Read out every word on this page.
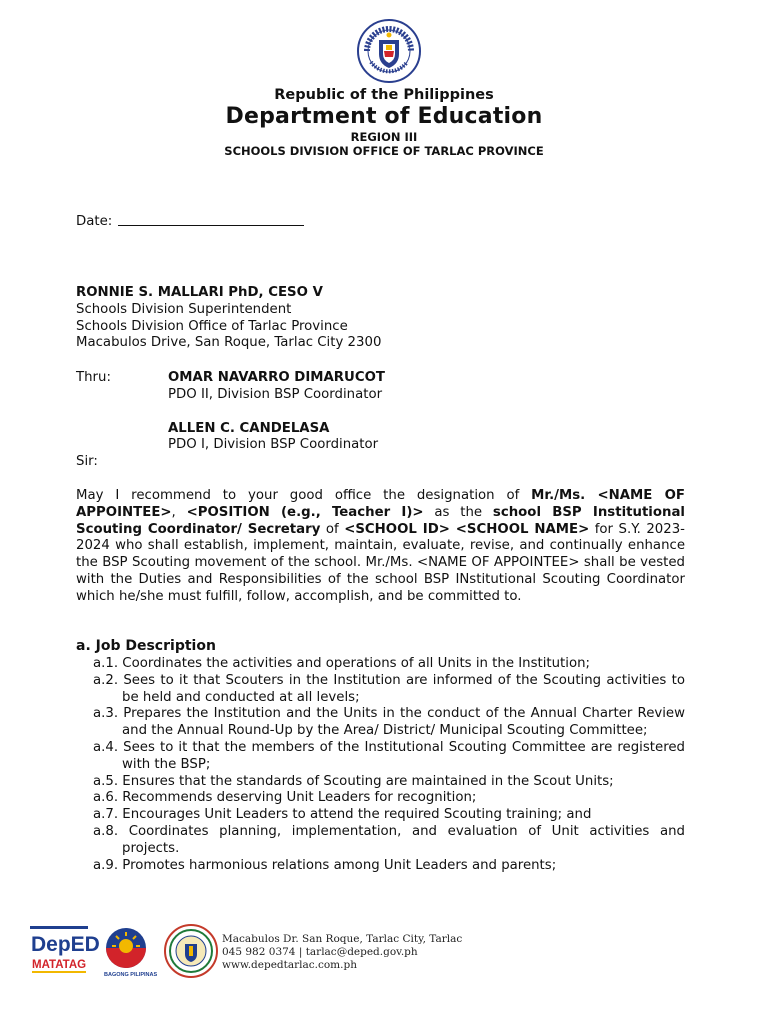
Republic of the Philippines
Department of Education
REGION III
SCHOOLS DIVISION OFFICE OF TARLAC PROVINCE
Date:
RONNIE S. MALLARI PhD, CESO V
Schools Division Superintendent
Schools Division Office of Tarlac Province
Macabulos Drive, San Roque, Tarlac City 2300
Thru:	OMAR NAVARRO DIMARUCOT
PDO II, Division BSP Coordinator
ALLEN C. CANDELASA
PDO I, Division BSP Coordinator
Sir:
May I recommend to your good office the designation of Mr./Ms. <NAME OF APPOINTEE>, <POSITION (e.g., Teacher I)> as the school BSP Institutional Scouting Coordinator/ Secretary of <SCHOOL ID> <SCHOOL NAME> for S.Y. 2023-2024 who shall establish, implement, maintain, evaluate, revise, and continually enhance the BSP Scouting movement of the school. Mr./Ms. <NAME OF APPOINTEE> shall be vested with the Duties and Responsibilities of the school BSP INstitutional Scouting Coordinator which he/she must fulfill, follow, accomplish, and be committed to.
a. Job Description
a.1. Coordinates the activities and operations of all Units in the Institution;
a.2. Sees to it that Scouters in the Institution are informed of the Scouting activities to be held and conducted at all levels;
a.3. Prepares the Institution and the Units in the conduct of the Annual Charter Review and the Annual Round-Up by the Area/ District/ Municipal Scouting Committee;
a.4. Sees to it that the members of the Institutional Scouting Committee are registered with the BSP;
a.5. Ensures that the standards of Scouting are maintained in the Scout Units;
a.6. Recommends deserving Unit Leaders for recognition;
a.7. Encourages Unit Leaders to attend the required Scouting training; and
a.8. Coordinates planning, implementation, and evaluation of Unit activities and projects.
a.9. Promotes harmonious relations among Unit Leaders and parents;
DepED
MATATAG
BAGONG PILIPINAS
Macabulos Dr. San Roque, Tarlac City, Tarlac
045 982 0374 | tarlac@deped.gov.ph
www.depedtarlac.com.ph
